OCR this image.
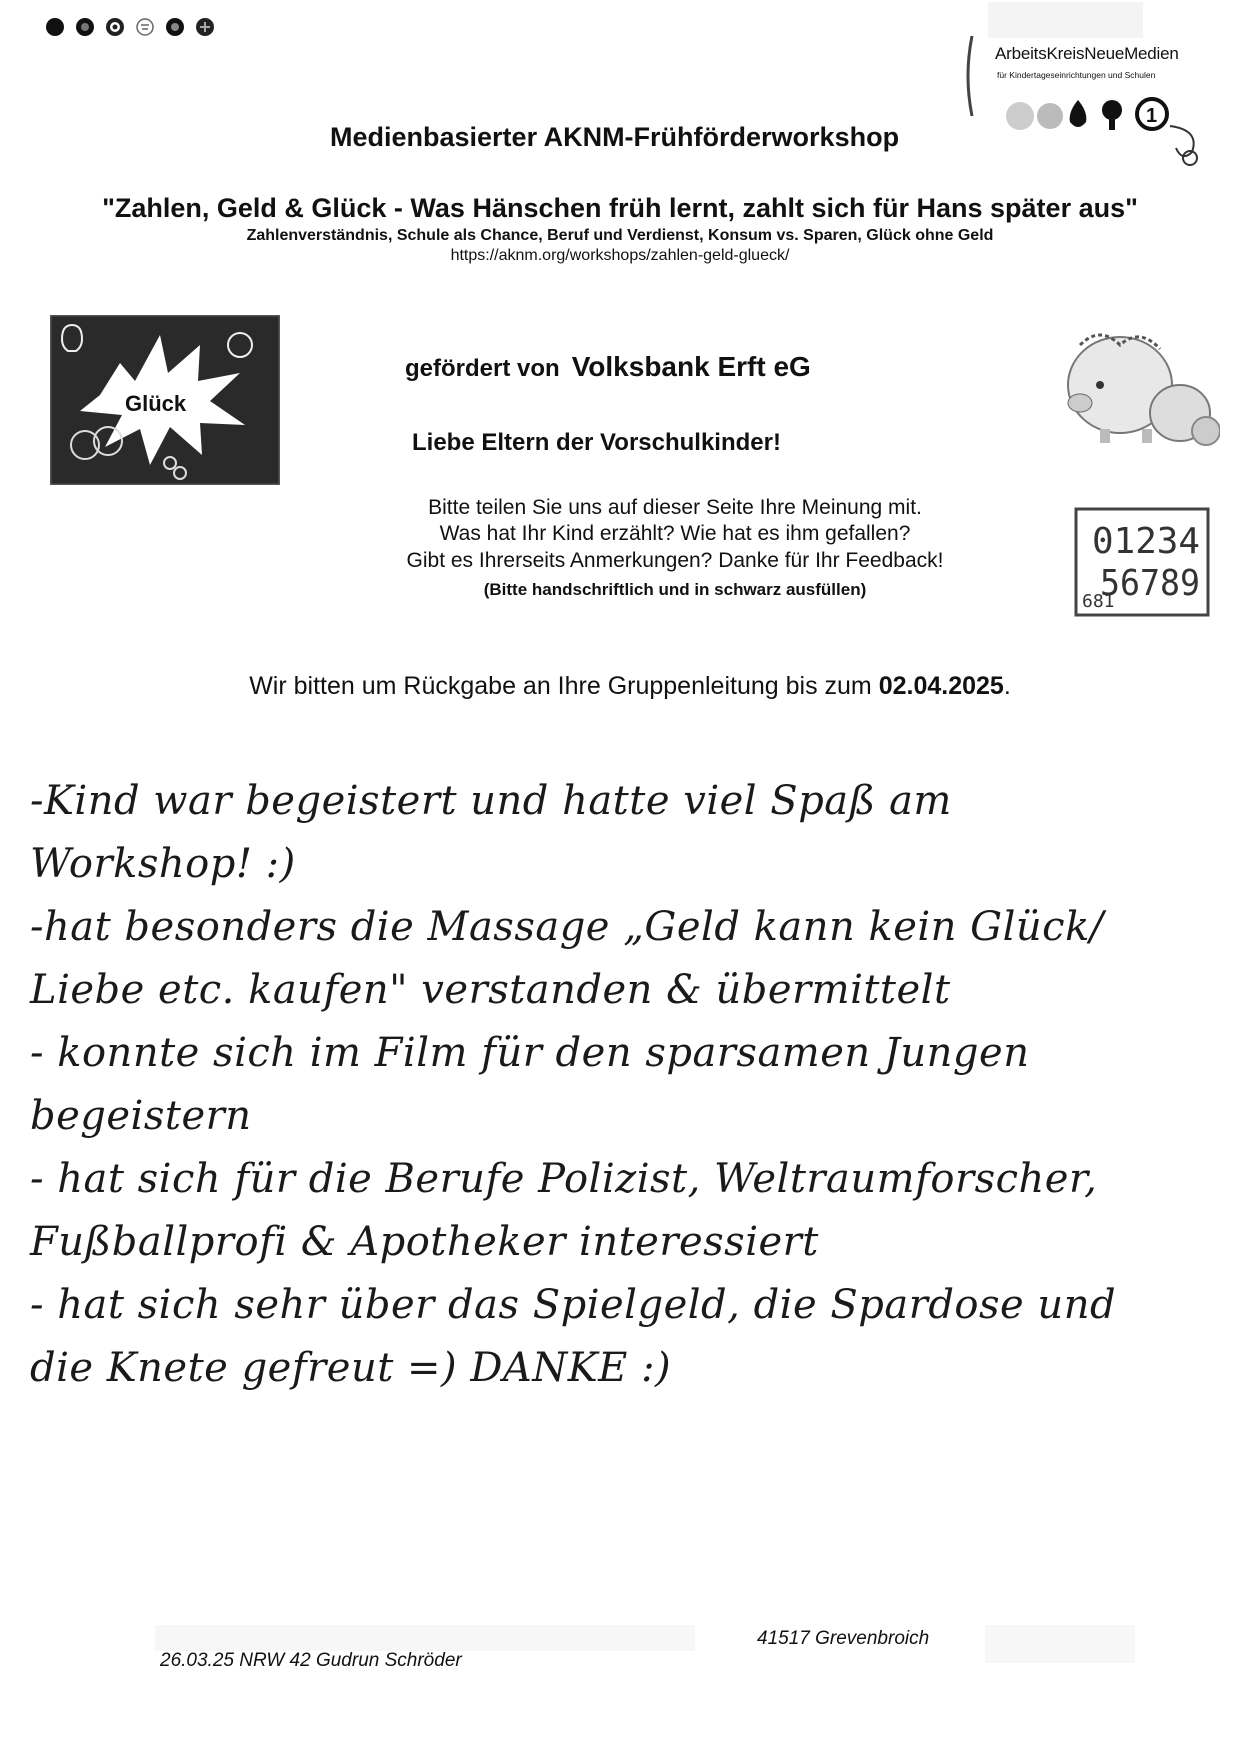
ArbeitsKreisNeueMedien
für Kindertageseinrichtungen und Schulen
1
Medienbasierter AKNM-Frühförderworkshop
"Zahlen, Geld & Glück - Was Hänschen früh lernt, zahlt sich für Hans später aus"
Zahlenverständnis, Schule als Chance, Beruf und Verdienst, Konsum vs. Sparen, Glück ohne Geld
https://aknm.org/workshops/zahlen-geld-glueck/
Glück
gefördert von Volksbank Erft eG
Liebe Eltern der Vorschulkinder!
Bitte teilen Sie uns auf dieser Seite Ihre Meinung mit.
Was hat Ihr Kind erzählt? Wie hat es ihm gefallen?
Gibt es Ihrerseits Anmerkungen? Danke für Ihr Feedback!
(Bitte handschriftlich und in schwarz ausfüllen)
01234
56789
681
Wir bitten um Rückgabe an Ihre Gruppenleitung bis zum 02.04.2025.
-Kind war begeistert und hatte viel Spaß am
Workshop! :)
-hat besonders die Massage „Geld kann kein Glück/
Liebe etc. kaufen" verstanden & übermittelt
- konnte sich im Film für den sparsamen Jungen
begeistern
- hat sich für die Berufe Polizist, Weltraumforscher,
Fußballprofi & Apotheker interessiert
- hat sich sehr über das Spielgeld, die Spardose und
die Knete gefreut =) DANKE :)
26.03.25 NRW 42 Gudrun Schröder
41517 Grevenbroich
